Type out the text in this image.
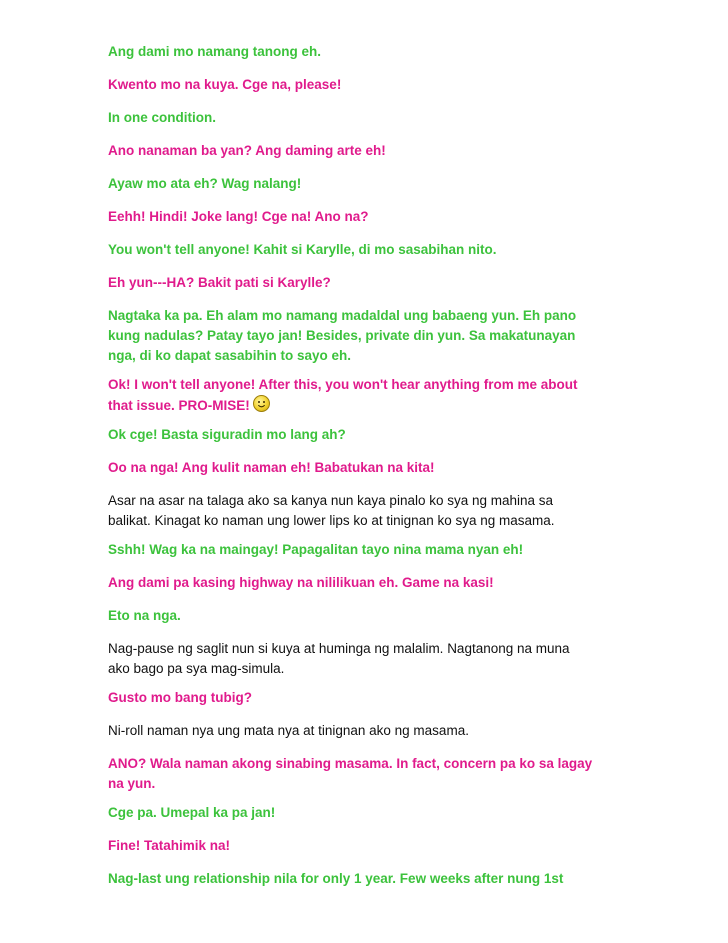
Ang dami mo namang tanong eh.

Kwento mo na kuya. Cge na, please!

In one condition.

Ano nanaman ba yan? Ang daming arte eh!

Ayaw mo ata eh? Wag nalang!

Eehh! Hindi! Joke lang! Cge na! Ano na?

You won't tell anyone! Kahit si Karylle, di mo sasabihan nito.

Eh yun---HA? Bakit pati si Karylle?

Nagtaka ka pa. Eh alam mo namang madaldal ung babaeng yun. Eh pano
kung nadulas? Patay tayo jan! Besides, private din yun. Sa makatunayan
nga, di ko dapat sasabihin to sayo eh.

Ok! I won't tell anyone! After this, you won't hear anything from me about
that issue. PRO-MISE!

Ok cge! Basta siguradin mo lang ah?

Oo na nga! Ang kulit naman eh! Babatukan na kita!

Asar na asar na talaga ako sa kanya nun kaya pinalo ko sya ng mahina sa
balikat. Kinagat ko naman ung lower lips ko at tinignan ko sya ng masama.

Sshh! Wag ka na maingay! Papagalitan tayo nina mama nyan eh!

Ang dami pa kasing highway na nililikuan eh. Game na kasi!

Eto na nga.

Nag-pause ng saglit nun si kuya at huminga ng malalim. Nagtanong na muna
ako bago pa sya mag-simula.

Gusto mo bang tubig?

Ni-roll naman nya ung mata nya at tinignan ako ng masama.

ANO? Wala naman akong sinabing masama. In fact, concern pa ko sa lagay
na yun.

Cge pa. Umepal ka pa jan!

Fine! Tatahimik na!

Nag-last ung relationship nila for only 1 year. Few weeks after nung 1st
